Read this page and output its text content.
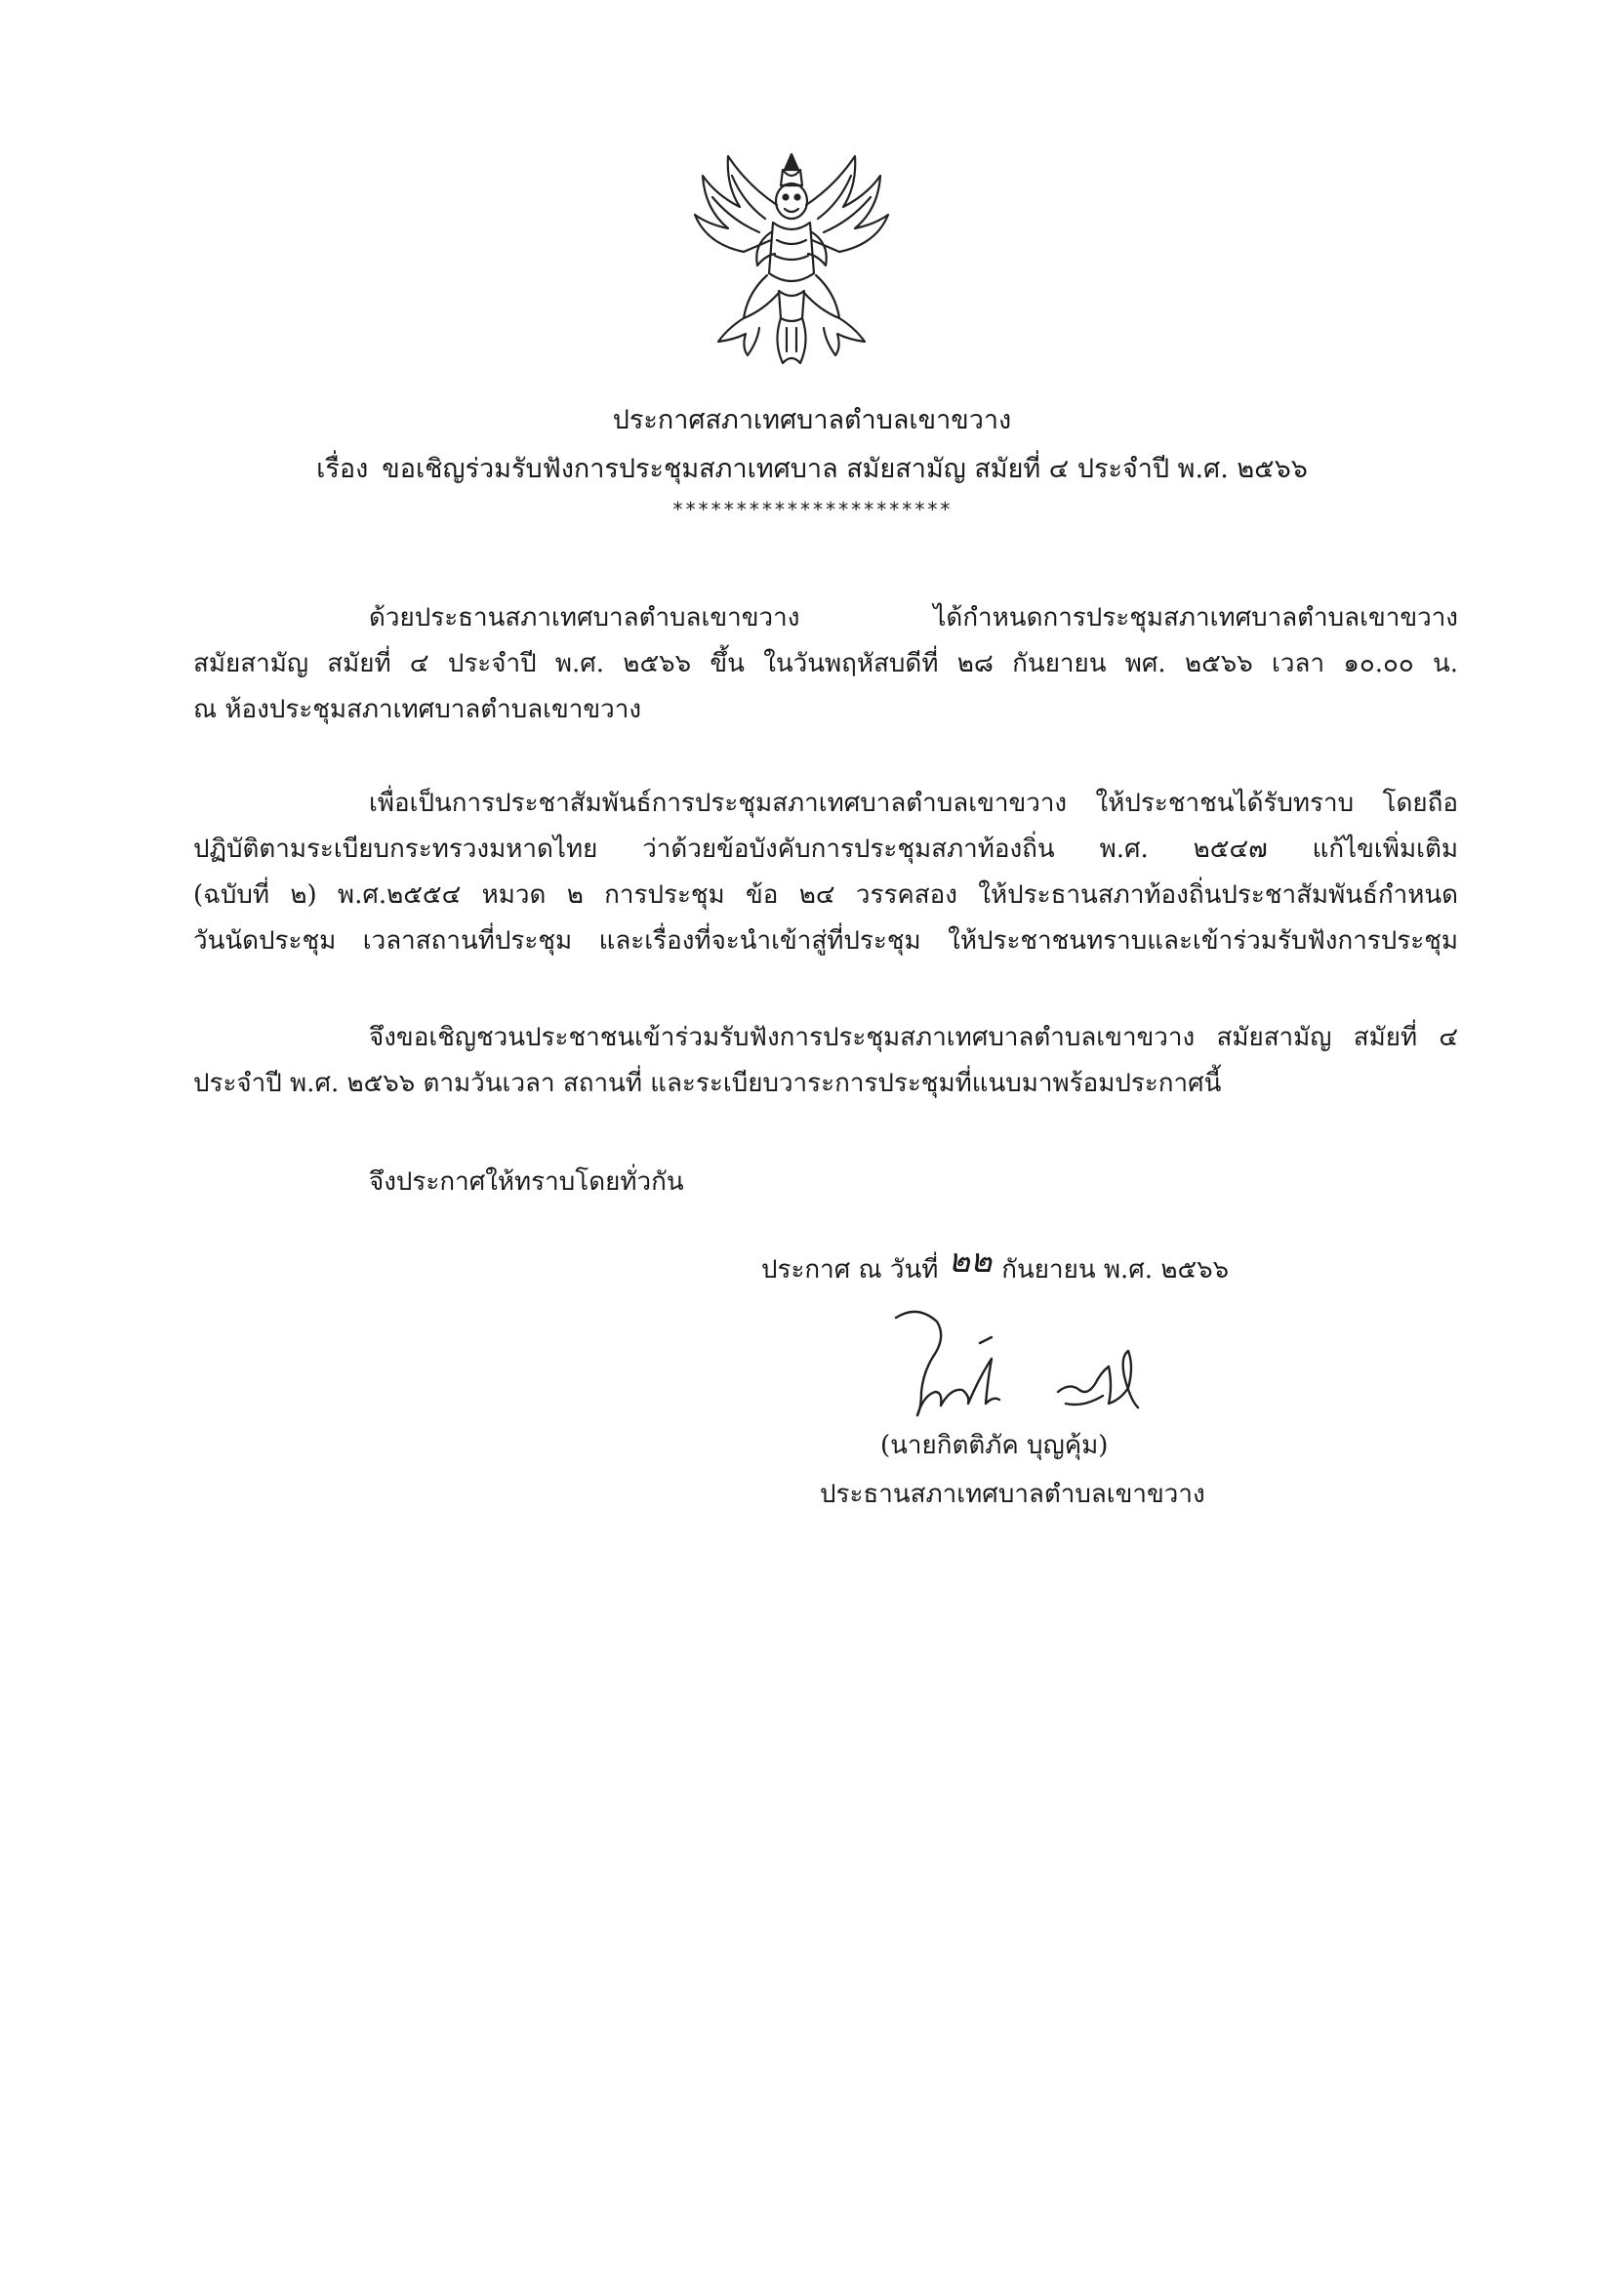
ประกาศสภาเทศบาลตำบลเขาขวาง
เรื่อง ขอเชิญร่วมรับฟังการประชุมสภาเทศบาล สมัยสามัญ สมัยที่ ๔ ประจำปี พ.ศ. ๒๕๖๖
**********************
ด้วยประธานสภาเทศบาลตำบลเขาขวาง ได้กำหนดการประชุมสภาเทศบาลตำบลเขาขวาง
สมัยสามัญ สมัยที่ ๔ ประจำปี พ.ศ. ๒๕๖๖ ขึ้น ในวันพฤหัสบดีที่ ๒๘ กันยายน พศ. ๒๕๖๖ เวลา ๑๐.๐๐ น.
ณ ห้องประชุมสภาเทศบาลตำบลเขาขวาง
เพื่อเป็นการประชาสัมพันธ์การประชุมสภาเทศบาลตำบลเขาขวาง ให้ประชาชนได้รับทราบ โดยถือ
ปฏิบัติตามระเบียบกระทรวงมหาดไทย ว่าด้วยข้อบังคับการประชุมสภาท้องถิ่น พ.ศ. ๒๕๔๗ แก้ไขเพิ่มเติม
(ฉบับที่ ๒) พ.ศ.๒๕๕๔ หมวด ๒ การประชุม ข้อ ๒๔ วรรคสอง ให้ประธานสภาท้องถิ่นประชาสัมพันธ์กำหนด
วันนัดประชุม เวลาสถานที่ประชุม และเรื่องที่จะนำเข้าสู่ที่ประชุม ให้ประชาชนทราบและเข้าร่วมรับฟังการประชุม
จึงขอเชิญชวนประชาชนเข้าร่วมรับฟังการประชุมสภาเทศบาลตำบลเขาขวาง สมัยสามัญ สมัยที่ ๔
ประจำปี พ.ศ. ๒๕๖๖ ตามวันเวลา สถานที่ และระเบียบวาระการประชุมที่แนบมาพร้อมประกาศนี้
จึงประกาศให้ทราบโดยทั่วกัน
ประกาศ ณ วันที่ ๒๒ กันยายน พ.ศ. ๒๕๖๖
(นายกิตติภัค บุญคุ้ม)
ประธานสภาเทศบาลตำบลเขาขวาง
